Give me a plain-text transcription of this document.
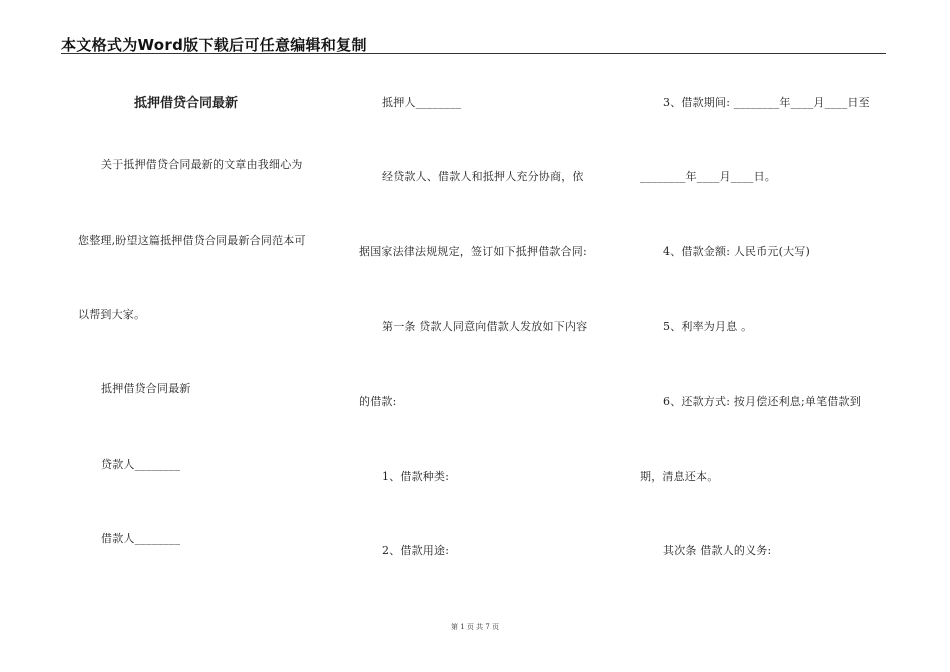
本文格式为Word版下载后可任意编辑和复制
抵押借贷合同最新
关于抵押借贷合同最新的文章由我细心为
您整理,盼望这篇抵押借贷合同最新合同范本可
以帮到大家。
抵押借贷合同最新
贷款人________
借款人________
抵押人________
经贷款人、借款人和抵押人充分协商，依
据国家法律法规规定，签订如下抵押借款合同:
第一条 贷款人同意向借款人发放如下内容
的借款:
1、借款种类:
2、借款用途:
3、借款期间: ________年____月____日至
________年____月____日。
4、借款金额: 人民币元(大写)
5、利率为月息 。
6、还款方式: 按月偿还利息;单笔借款到
期，清息还本。
其次条 借款人的义务:
第 1 页 共 7 页
